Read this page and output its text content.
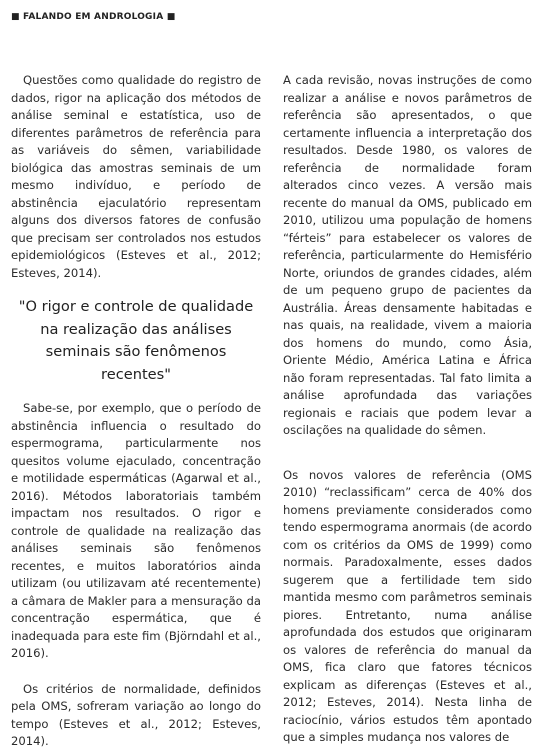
■ FALANDO EM ANDROLOGIA ■

Questões como qualidade do registro de dados, rigor na aplicação dos métodos de análise seminal e estatística, uso de diferentes parâmetros de referência para as variáveis do sêmen, variabilidade biológica das amostras seminais de um mesmo indivíduo, e período de abstinência ejaculatório representam alguns dos diversos fatores de confusão que precisam ser controlados nos estudos epidemiológicos (Esteves et al., 2012; Esteves, 2014).

"O rigor e controle de qualidade na realização das análises seminais são fenômenos recentes"

Sabe-se, por exemplo, que o período de abstinência influencia o resultado do espermograma, particularmente nos quesitos volume ejaculado, concentração e motilidade espermáticas (Agarwal et al., 2016). Métodos laboratoriais também impactam nos resultados. O rigor e controle de qualidade na realização das análises seminais são fenômenos recentes, e muitos laboratórios ainda utilizam (ou utilizavam até recentemente) a câmara de Makler para a mensuração da concentração espermática, que é inadequada para este fim (Björndahl et al., 2016).

Os critérios de normalidade, definidos pela OMS, sofreram variação ao longo do tempo (Esteves et al., 2012; Esteves, 2014).

A cada revisão, novas instruções de como realizar a análise e novos parâmetros de referência são apresentados, o que certamente influencia a interpretação dos resultados. Desde 1980, os valores de referência de normalidade foram alterados cinco vezes. A versão mais recente do manual da OMS, publicado em 2010, utilizou uma população de homens “férteis” para estabelecer os valores de referência, particularmente do Hemisfério Norte, oriundos de grandes cidades, além de um pequeno grupo de pacientes da Austrália. Áreas densamente habitadas e nas quais, na realidade, vivem a maioria dos homens do mundo, como Ásia, Oriente Médio, América Latina e África não foram representadas. Tal fato limita a análise aprofundada das variações regionais e raciais que podem levar a oscilações na qualidade do sêmen.

Os novos valores de referência (OMS 2010) “reclassificam” cerca de 40% dos homens previamente considerados como tendo espermograma anormais (de acordo com os critérios da OMS de 1999) como normais. Paradoxalmente, esses dados sugerem que a fertilidade tem sido mantida mesmo com parâmetros seminais piores. Entretanto, numa análise aprofundada dos estudos que originaram os valores de referência do manual da OMS, fica claro que fatores técnicos explicam as diferenças (Esteves et al., 2012; Esteves, 2014). Nesta linha de raciocínio, vários estudos têm apontado que a simples mudança nos valores de
